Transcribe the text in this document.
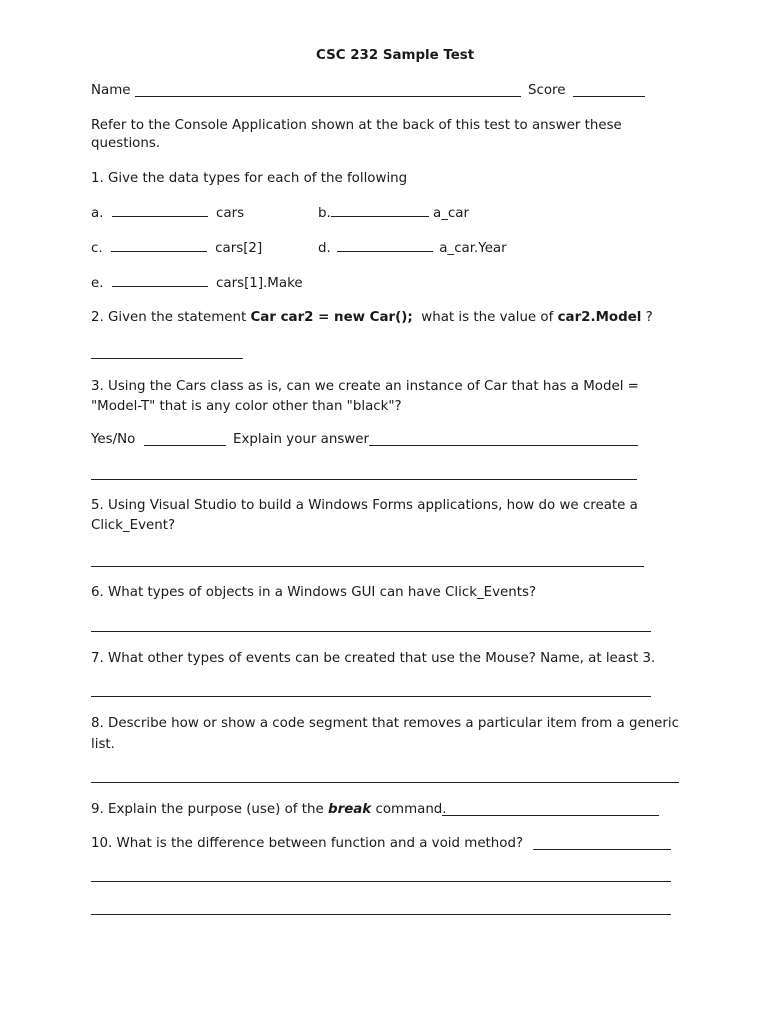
CSC 232 Sample Test
Name	Score
Refer to the Console Application shown at the back of this test to answer these
questions.
1. Give the data types for each of the following
a.	cars	b.	a_car
c.	cars[2]	d.	a_car.Year
e.	cars[1].Make
2. Given the statement Car car2 = new Car();  what is the value of car2.Model ?
3. Using the Cars class as is, can we create an instance of Car that has a Model =
"Model-T" that is any color other than "black"?
Yes/No	Explain your answer
5. Using Visual Studio to build a Windows Forms applications, how do we create a
Click_Event?
6. What types of objects in a Windows GUI can have Click_Events?
7. What other types of events can be created that use the Mouse? Name, at least 3.
8. Describe how or show a code segment that removes a particular item from a generic
list.
9. Explain the purpose (use) of the break command.
10. What is the difference between function and a void method?
